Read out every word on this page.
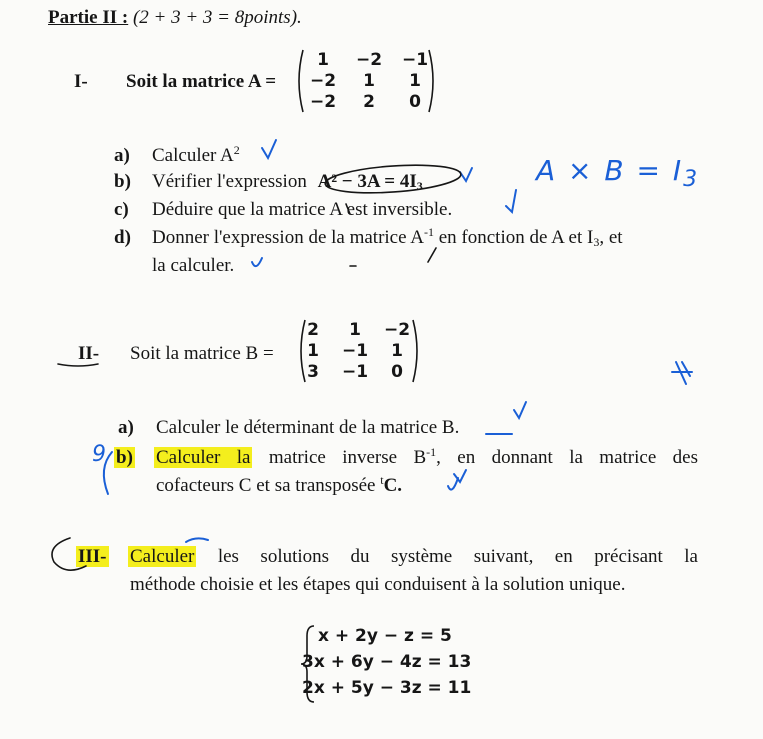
Partie II : (2 + 3 + 3 = 8points).
I- Soit la matrice A =
1	−2	−1
−2	1	1
−2	2	0
a) Calculer $A^2$
b) Vérifier l'expression $A^2 - 3A = 4I_3$
c) Déduire que la matrice A est inversible.
d) Donner l'expression de la matrice $A^{-1}$ en fonction de A et $I_3$, et
la calculer.
II- Soit la matrice B =
2	1	−2
1	−1	1
3	−1	0
a) Calculer le déterminant de la matrice B.
b) Calculer la matrice inverse $B^{-1}$, en donnant la matrice des
cofacteurs C et sa transposée $^t$C.
III- Calculer les solutions du système suivant, en précisant la
méthode choisie et les étapes qui conduisent à la solution unique.
x + 2y − z = 5
3x + 6y − 4z = 13
2x + 5y − 3z = 11
$A \times B = I_3$
9
